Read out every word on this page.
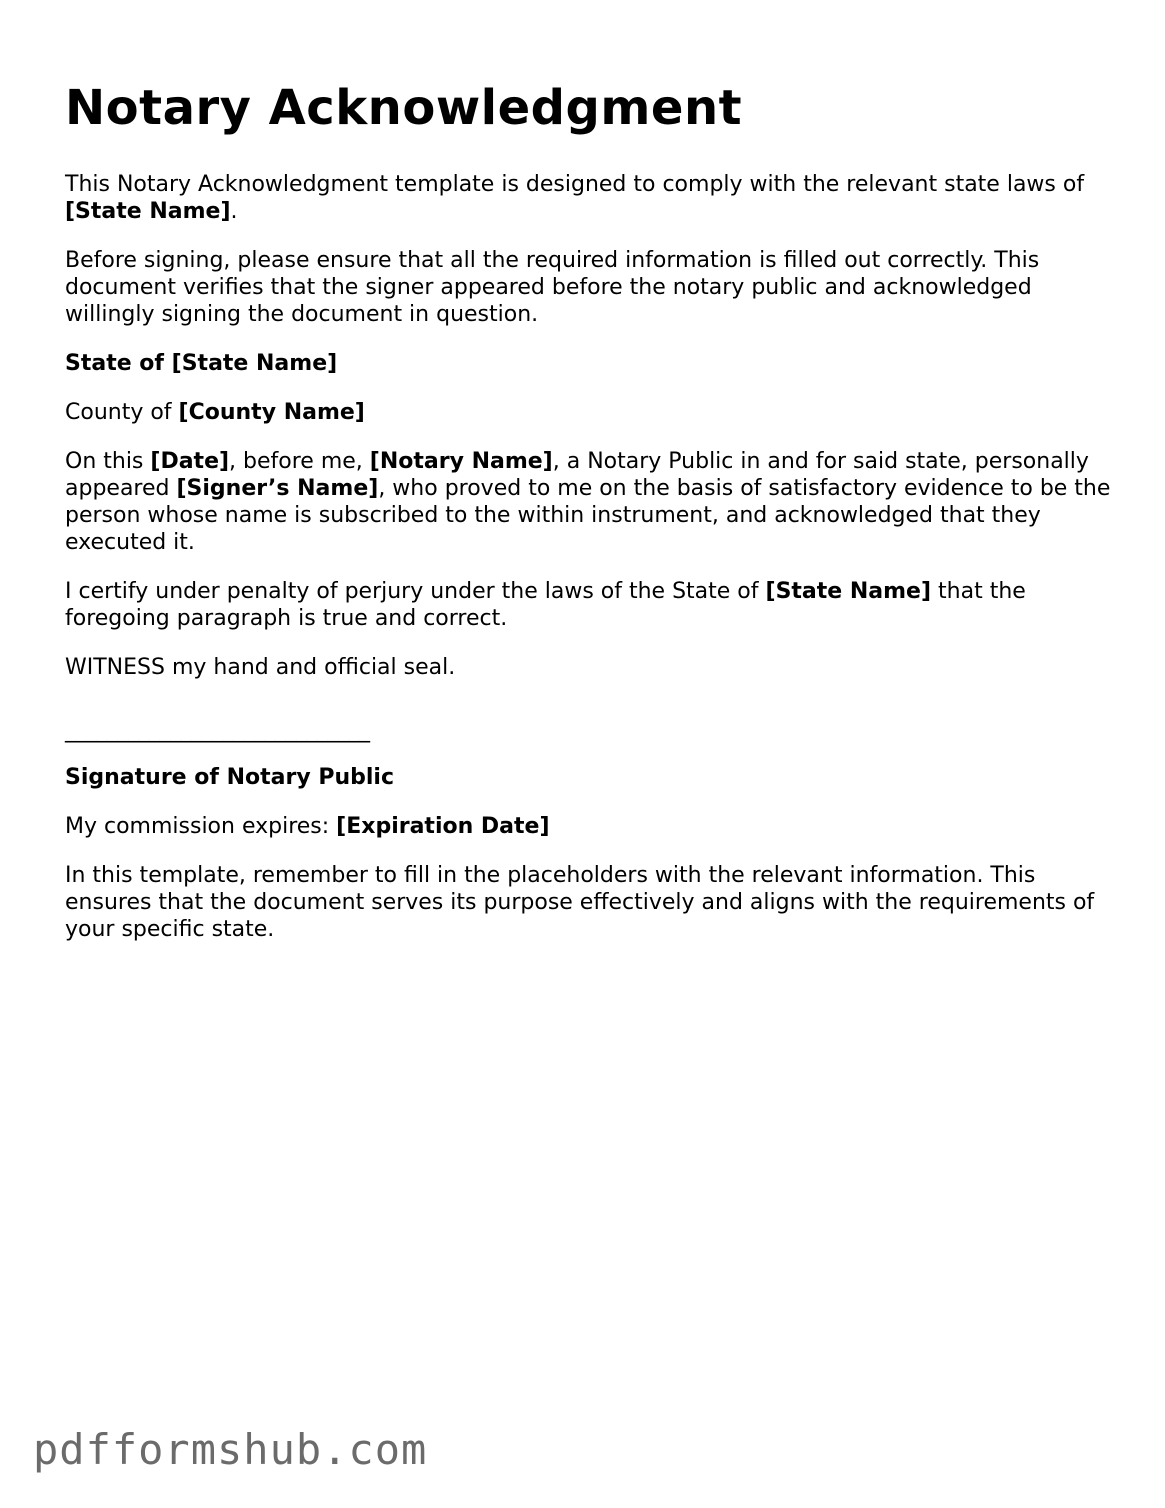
Notary Acknowledgment

This Notary Acknowledgment template is designed to comply with the relevant state laws of [State Name].

Before signing, please ensure that all the required information is filled out correctly. This document verifies that the signer appeared before the notary public and acknowledged willingly signing the document in question.

State of [State Name]

County of [County Name]

On this [Date], before me, [Notary Name], a Notary Public in and for said state, personally appeared [Signer’s Name], who proved to me on the basis of satisfactory evidence to be the person whose name is subscribed to the within instrument, and acknowledged that they executed it.

I certify under penalty of perjury under the laws of the State of [State Name] that the foregoing paragraph is true and correct.

WITNESS my hand and official seal.

_____________________________

Signature of Notary Public

My commission expires: [Expiration Date]

In this template, remember to fill in the placeholders with the relevant information. This ensures that the document serves its purpose effectively and aligns with the requirements of your specific state.

pdfformshub.com
